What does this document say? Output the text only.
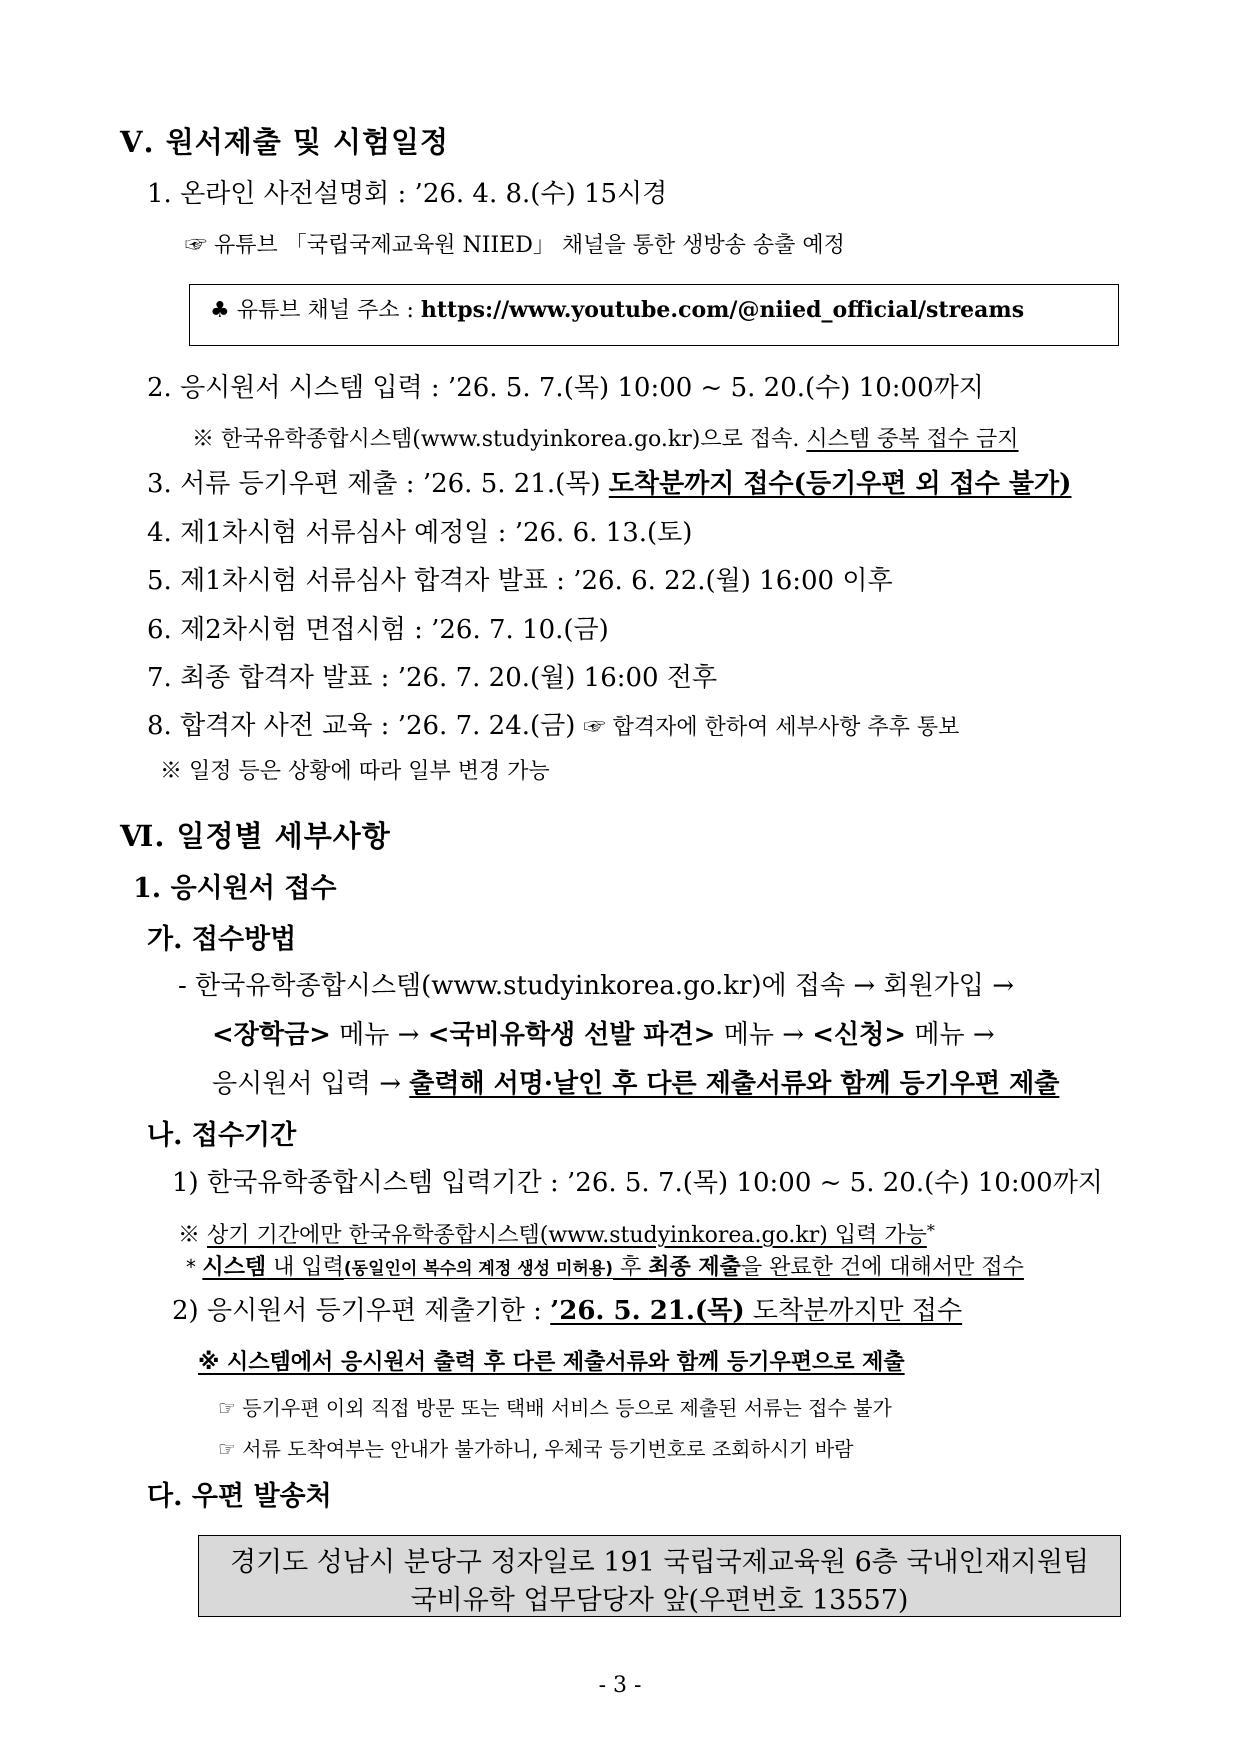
Ⅴ. 원서제출 및 시험일정
1. 온라인 사전설명회 : ’26. 4. 8.(수) 15시경
☞ 유튜브 「국립국제교육원 NIIED」 채널을 통한 생방송 송출 예정
♣ 유튜브 채널 주소 : https://www.youtube.com/@niied_official/streams
2. 응시원서 시스템 입력 : ’26. 5. 7.(목) 10:00 ~ 5. 20.(수) 10:00까지
※ 한국유학종합시스템(www.studyinkorea.go.kr)으로 접속. 시스템 중복 접수 금지
3. 서류 등기우편 제출 : ’26. 5. 21.(목) 도착분까지 접수(등기우편 외 접수 불가)
4. 제1차시험 서류심사 예정일 : ’26. 6. 13.(토)
5. 제1차시험 서류심사 합격자 발표 : ’26. 6. 22.(월) 16:00 이후
6. 제2차시험 면접시험 : ’26. 7. 10.(금)
7. 최종 합격자 발표 : ’26. 7. 20.(월) 16:00 전후
8. 합격자 사전 교육 : ’26. 7. 24.(금) ☞ 합격자에 한하여 세부사항 추후 통보
※ 일정 등은 상황에 따라 일부 변경 가능
Ⅵ. 일정별 세부사항
1. 응시원서 접수
가. 접수방법
- 한국유학종합시스템(www.studyinkorea.go.kr)에 접속 → 회원가입 →
<장학금> 메뉴 → <국비유학생 선발 파견> 메뉴 → <신청> 메뉴 →
응시원서 입력 → 출력해 서명·날인 후 다른 제출서류와 함께 등기우편 제출
나. 접수기간
1) 한국유학종합시스템 입력기간 : ’26. 5. 7.(목) 10:00 ~ 5. 20.(수) 10:00까지
※ 상기 기간에만 한국유학종합시스템(www.studyinkorea.go.kr) 입력 가능*
* 시스템 내 입력(동일인이 복수의 계정 생성 미허용) 후 최종 제출을 완료한 건에 대해서만 접수
2) 응시원서 등기우편 제출기한 : ’26. 5. 21.(목) 도착분까지만 접수
※ 시스템에서 응시원서 출력 후 다른 제출서류와 함께 등기우편으로 제출
☞ 등기우편 이외 직접 방문 또는 택배 서비스 등으로 제출된 서류는 접수 불가
☞ 서류 도착여부는 안내가 불가하니, 우체국 등기번호로 조회하시기 바람
다. 우편 발송처
경기도 성남시 분당구 정자일로 191 국립국제교육원 6층 국내인재지원팀
국비유학 업무담당자 앞(우편번호 13557)
- 3 -
